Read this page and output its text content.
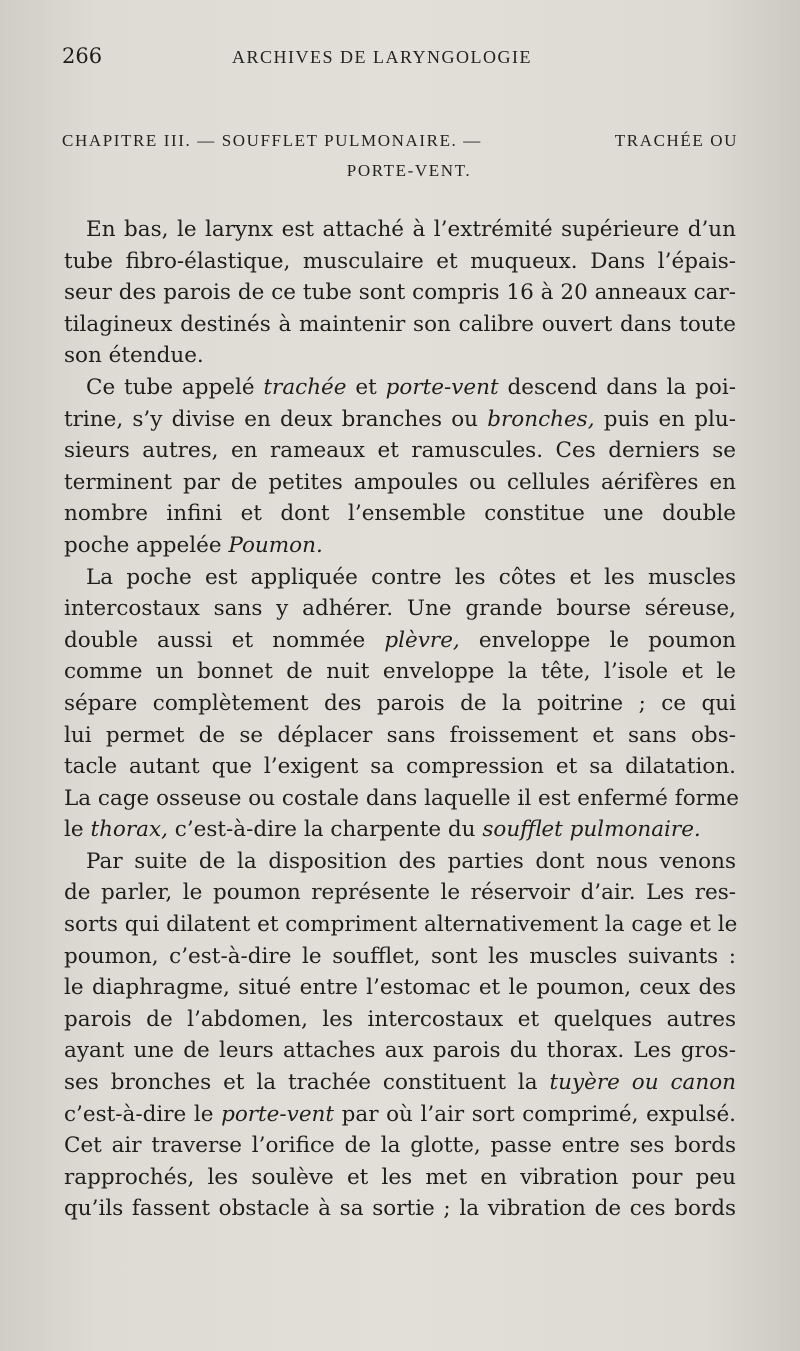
266	ARCHIVES DE LARYNGOLOGIE
CHAPITRE III. — SOUFFLET PULMONAIRE. —	TRACHÉE OU
PORTE-VENT.
En bas, le larynx est attaché à l’extrémité supérieure d’un
tube fibro-élastique, musculaire et muqueux. Dans l’épais-
seur des parois de ce tube sont compris 16 à 20 anneaux car-
tilagineux destinés à maintenir son calibre ouvert dans toute
son étendue.
Ce tube appelé trachée et porte-vent descend dans la poi-
trine, s’y divise en deux branches ou bronches, puis en plu-
sieurs autres, en rameaux et ramuscules. Ces derniers se
terminent par de petites ampoules ou cellules aérifères en
nombre infini et dont l’ensemble constitue une double
poche appelée Poumon.
La poche est appliquée contre les côtes et les muscles
intercostaux sans y adhérer. Une grande bourse séreuse,
double aussi et nommée plèvre, enveloppe le poumon
comme un bonnet de nuit enveloppe la tête, l’isole et le
sépare complètement des parois de la poitrine ; ce qui
lui permet de se déplacer sans froissement et sans obs-
tacle autant que l’exigent sa compression et sa dilatation.
La cage osseuse ou costale dans laquelle il est enfermé forme
le thorax, c’est-à-dire la charpente du soufflet pulmonaire.
Par suite de la disposition des parties dont nous venons
de parler, le poumon représente le réservoir d’air. Les res-
sorts qui dilatent et compriment alternativement la cage et le
poumon, c’est-à-dire le soufflet, sont les muscles suivants :
le diaphragme, situé entre l’estomac et le poumon, ceux des
parois de l’abdomen, les intercostaux et quelques autres
ayant une de leurs attaches aux parois du thorax. Les gros-
ses bronches et la trachée constituent la tuyère ou canon
c’est-à-dire le porte-vent par où l’air sort comprimé, expulsé.
Cet air traverse l’orifice de la glotte, passe entre ses bords
rapprochés, les soulève et les met en vibration pour peu
qu’ils fassent obstacle à sa sortie ; la vibration de ces bords
